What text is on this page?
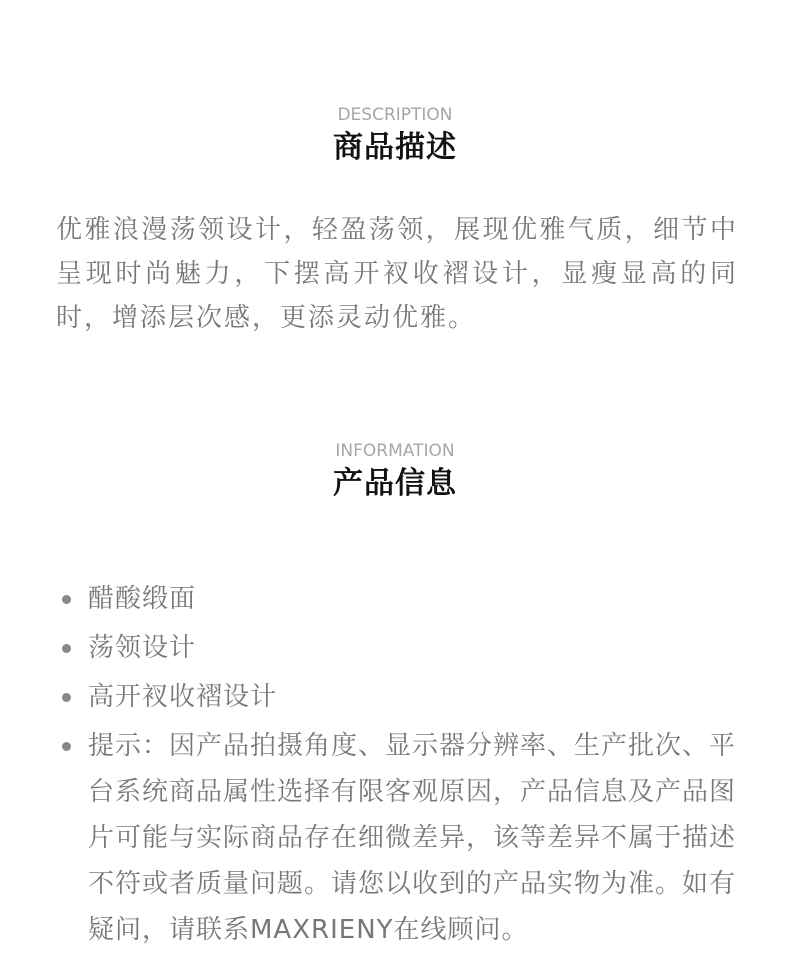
DESCRIPTION
商品描述
优雅浪漫荡领设计，轻盈荡领，展现优雅气质，细节中呈现时尚魅力，下摆高开衩收褶设计，显瘦显高的同时，增添层次感，更添灵动优雅。
INFORMATION
产品信息
醋酸缎面
荡领设计
高开衩收褶设计
提示：因产品拍摄角度、显示器分辨率、生产批次、平台系统商品属性选择有限客观原因，产品信息及产品图片可能与实际商品存在细微差异，该等差异不属于描述不符或者质量问题。请您以收到的产品实物为准。如有疑问，请联系MAXRIENY在线顾问。
